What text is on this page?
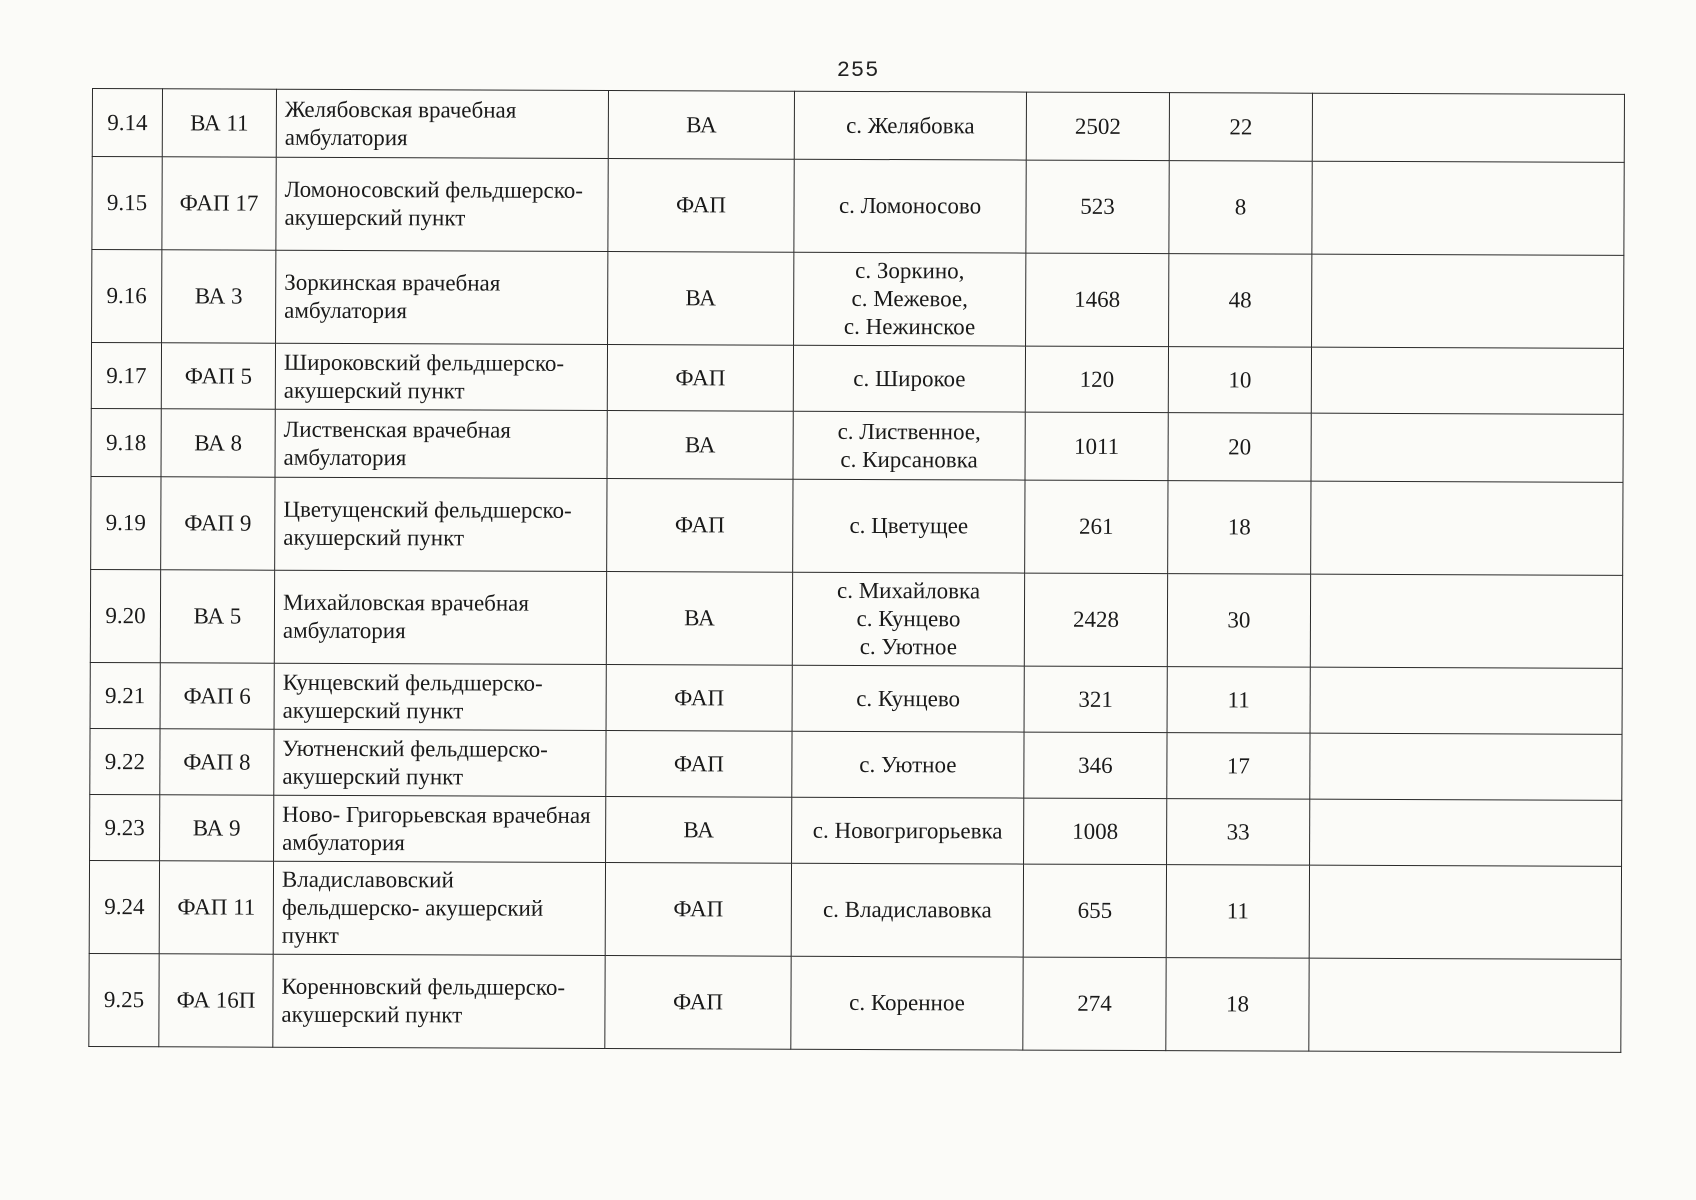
255
9.14	ВА 11	Желябовская врачебная амбулатория	ВА	с. Желябовка	2502	22	
9.15	ФАП 17	Ломоносовский фельдшерско- акушерский пункт	ФАП	с. Ломоносово	523	8	
9.16	ВА 3	Зоркинская врачебная амбулатория	ВА	с. Зоркино,
с. Межевое,
с. Нежинское	1468	48	
9.17	ФАП 5	Широковский фельдшерско-акушерский пункт	ФАП	с. Широкое	120	10	
9.18	ВА 8	Лиственская врачебная амбулатория	ВА	с. Лиственное,
с. Кирсановка	1011	20	
9.19	ФАП 9	Цветущенский фельдшерско- акушерский пункт	ФАП	с. Цветущее	261	18	
9.20	ВА 5	Михайловская врачебная амбулатория	ВА	с. Михайловка
с. Кунцево
с. Уютное	2428	30	
9.21	ФАП 6	Кунцевский фельдшерско-акушерский пункт	ФАП	с. Кунцево	321	11	
9.22	ФАП 8	Уютненский фельдшерско-акушерский пункт	ФАП	с. Уютное	346	17	
9.23	ВА 9	Ново- Григорьевская врачебная амбулатория	ВА	с. Новогригорьевка	1008	33	
9.24	ФАП 11	Владиславовский фельдшерско- акушерский пункт	ФАП	с. Владиславовка	655	11	
9.25	ФА 16П	Коренновский фельдшерско- акушерский пункт	ФАП	с. Коренное	274	18	
